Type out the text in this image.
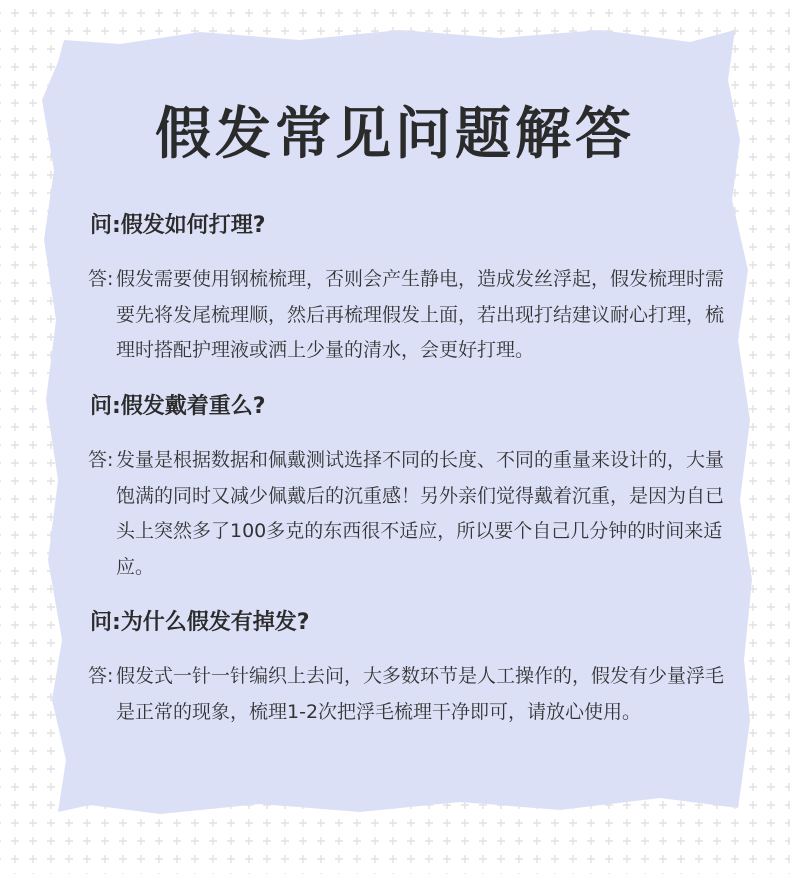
假发常见问题解答
问:假发如何打理?
答: 假发需要使用钢梳梳理，否则会产生静电，造成发丝浮起，假发梳理时需要先将发尾梳理顺，然后再梳理假发上面，若出现打结建议耐心打理，梳理时搭配护理液或洒上少量的清水，会更好打理。
问:假发戴着重么?
答: 发量是根据数据和佩戴测试选择不同的长度、不同的重量来设计的，大量饱满的同时又减少佩戴后的沉重感！另外亲们觉得戴着沉重，是因为自已头上突然多了100多克的东西很不适应，所以要个自己几分钟的时间来适应。
问:为什么假发有掉发?
答: 假发式一针一针编织上去问，大多数环节是人工操作的，假发有少量浮毛是正常的现象，梳理1-2次把浮毛梳理干净即可，请放心使用。
